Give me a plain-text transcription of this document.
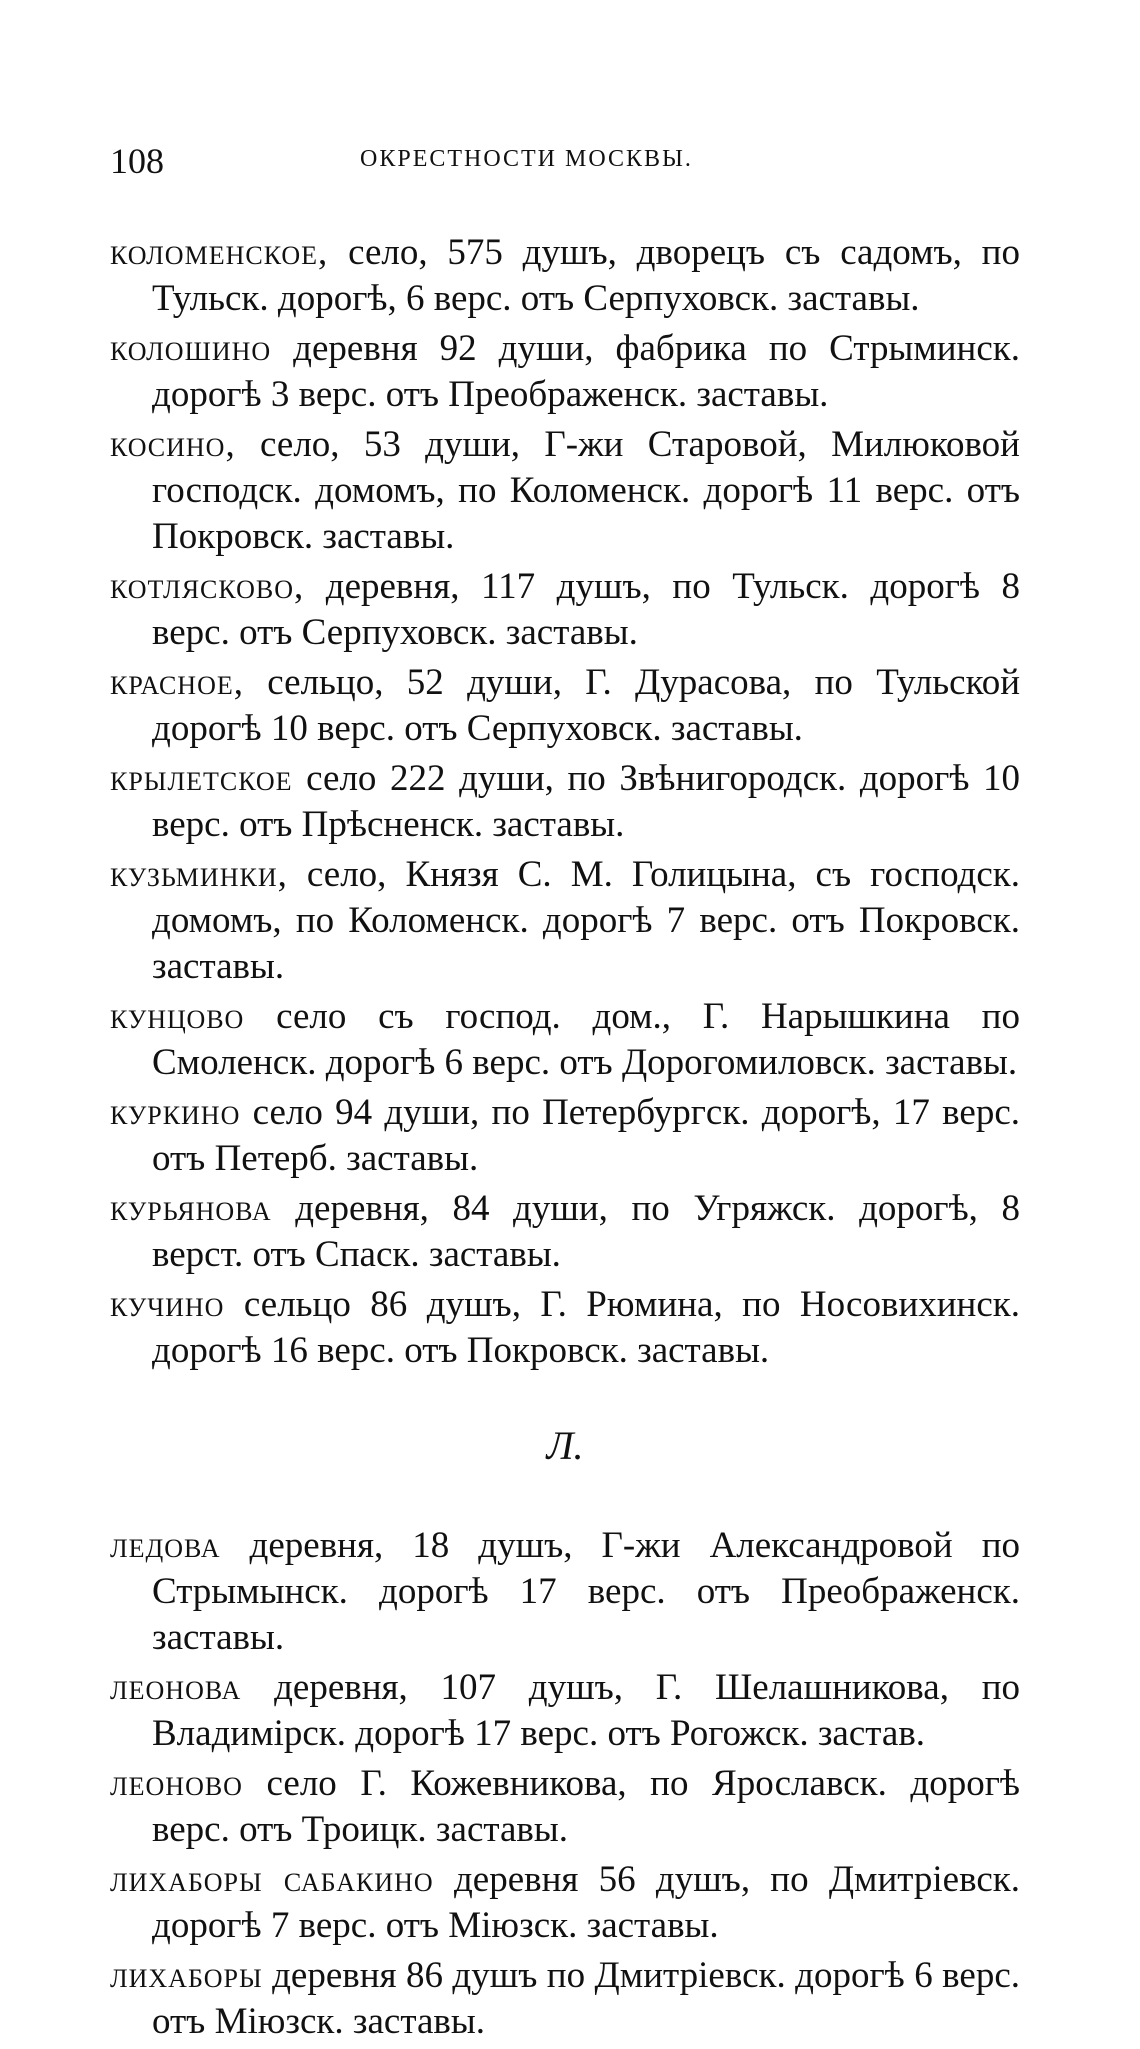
108	ОКРЕСТНОСТИ МОСКВЫ.
коломенское, село, 575 душъ, дворецъ съ садомъ, по Тульск. дорогѣ, 6 верс. отъ Серпуховск. заставы.
колошино деревня 92 души, фабрика по Стрыминск. дорогѣ 3 верс. отъ Преображенск. заставы.
косино, село, 53 души, Г-жи Старовой, Милюковой господск. домомъ, по Коломенск. дорогѣ 11 верс. отъ Покровск. заставы.
котлясково, деревня, 117 душъ, по Тульск. дорогѣ 8 верс. отъ Серпуховск. заставы.
красное, сельцо, 52 души, Г. Дурасова, по Тульской дорогѣ 10 верс. отъ Серпуховск. заставы.
крылетское село 222 души, по Звѣнигородск. дорогѣ 10 верс. отъ Прѣсненск. заставы.
кузьминки, село, Князя С. М. Голицына, съ господск. домомъ, по Коломенск. дорогѣ 7 верс. отъ Покровск. заставы.
кунцово село съ господ. дом., Г. Нарышкина по Смоленск. дорогѣ 6 верс. отъ Дорогомиловск. заставы.
куркино село 94 души, по Петербургск. дорогѣ, 17 верс. отъ Петерб. заставы.
курьянова деревня, 84 души, по Угряжск. дорогѣ, 8 верст. отъ Спаск. заставы.
кучино сельцо 86 душъ, Г. Рюмина, по Носовихинск. дорогѣ 16 верс. отъ Покровск. заставы.
Л.
ледова деревня, 18 душъ, Г-жи Александровой по Стрымынск. дорогѣ 17 верс. отъ Преображенск. заставы.
леонова деревня, 107 душъ, Г. Шелашникова, по Владимірск. дорогѣ 17 верс. отъ Рогожск. застав.
леоново село Г. Кожевникова, по Ярославск. дорогѣ верс. отъ Троицк. заставы.
лихаборы сабакино деревня 56 душъ, по Дмитріевск. дорогѣ 7 верс. отъ Міюзск. заставы.
лихаборы деревня 86 душъ по Дмитріевск. дорогѣ 6 верс. отъ Міюзск. заставы.
